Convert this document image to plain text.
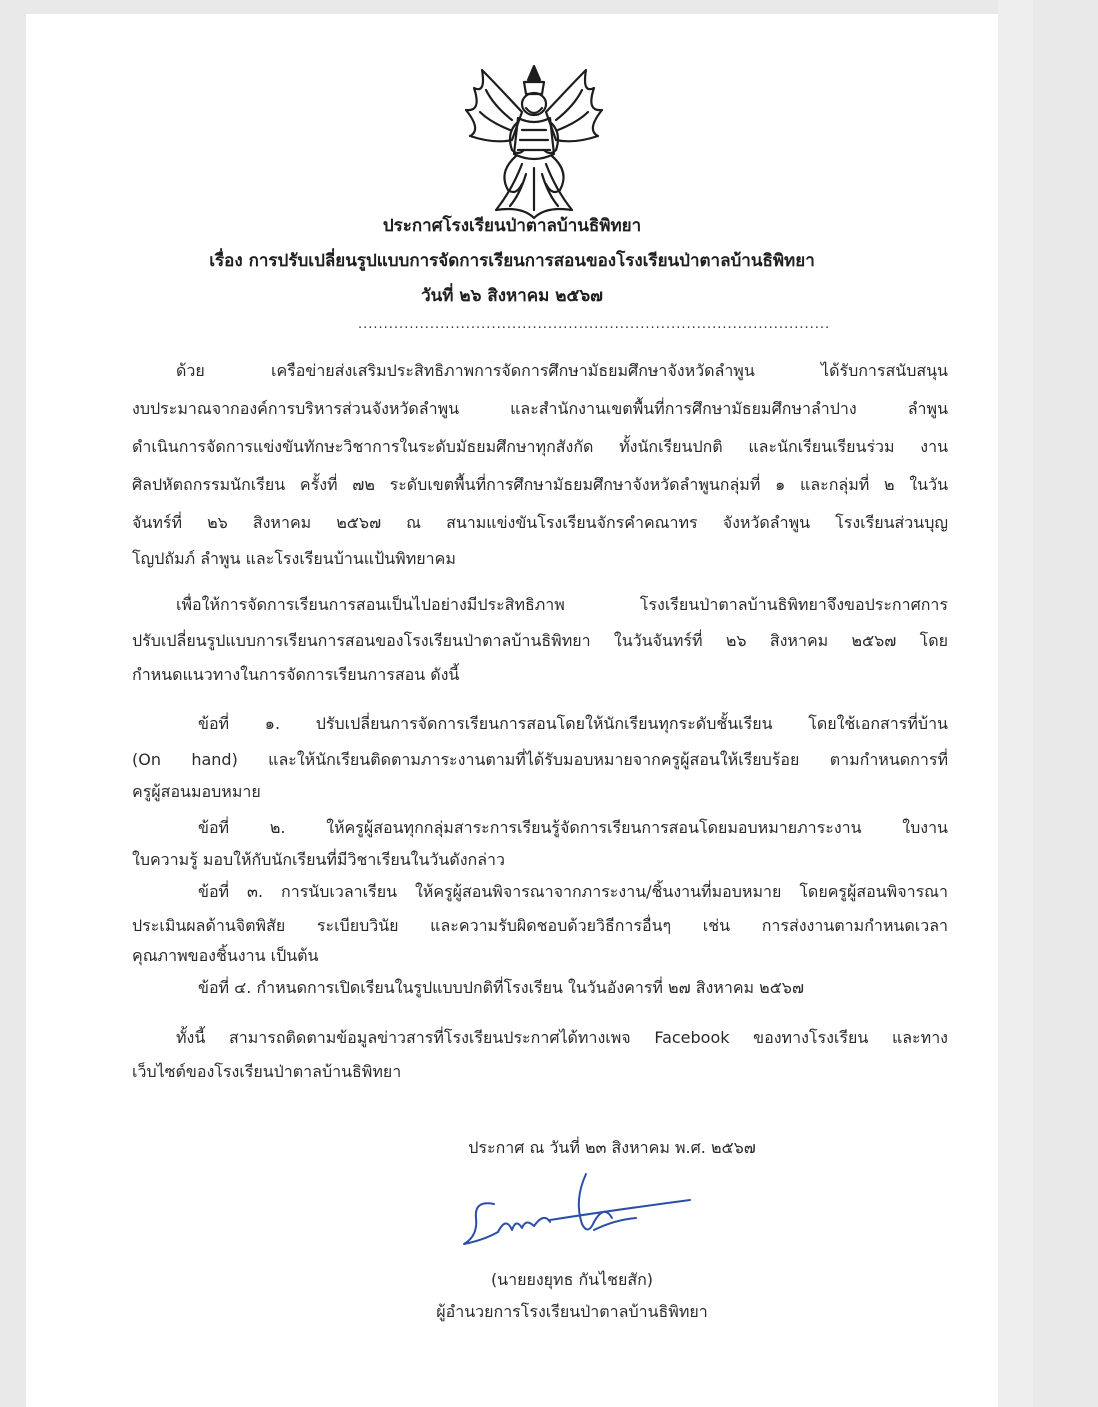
ประกาศโรงเรียนป่าตาลบ้านธิพิทยา
เรื่อง การปรับเปลี่ยนรูปแบบการจัดการเรียนการสอนของโรงเรียนป่าตาลบ้านธิพิทยา
วันที่ ๒๖ สิงหาคม ๒๕๖๗
............................................................................................
ด้วย เครือข่ายส่งเสริมประสิทธิภาพการจัดการศึกษามัธยมศึกษาจังหวัดลำพูน ได้รับการสนับสนุน
งบประมาณจากองค์การบริหารส่วนจังหวัดลำพูน และสำนักงานเขตพื้นที่การศึกษามัธยมศึกษาลำปาง ลำพูน
ดำเนินการจัดการแข่งขันทักษะวิชาการในระดับมัธยมศึกษาทุกสังกัด ทั้งนักเรียนปกติ และนักเรียนเรียนร่วม งาน
ศิลปหัตถกรรมนักเรียน ครั้งที่ ๗๒ ระดับเขตพื้นที่การศึกษามัธยมศึกษาจังหวัดลำพูนกลุ่มที่ ๑ และกลุ่มที่ ๒ ในวัน
จันทร์ที่ ๒๖ สิงหาคม ๒๕๖๗ ณ สนามแข่งขันโรงเรียนจักรคำคณาทร จังหวัดลำพูน โรงเรียนส่วนบุญ
โญปถัมภ์ ลำพูน และโรงเรียนบ้านแป้นพิทยาคม
เพื่อให้การจัดการเรียนการสอนเป็นไปอย่างมีประสิทธิภาพ โรงเรียนป่าตาลบ้านธิพิทยาจึงขอประกาศการ
ปรับเปลี่ยนรูปแบบการเรียนการสอนของโรงเรียนป่าตาลบ้านธิพิทยา ในวันจันทร์ที่ ๒๖ สิงหาคม ๒๕๖๗ โดย
กำหนดแนวทางในการจัดการเรียนการสอน ดังนี้
ข้อที่ ๑. ปรับเปลี่ยนการจัดการเรียนการสอนโดยให้นักเรียนทุกระดับชั้นเรียน โดยใช้เอกสารที่บ้าน
(On hand) และให้นักเรียนติดตามภาระงานตามที่ได้รับมอบหมายจากครูผู้สอนให้เรียบร้อย ตามกำหนดการที่
ครูผู้สอนมอบหมาย
ข้อที่ ๒. ให้ครูผู้สอนทุกกลุ่มสาระการเรียนรู้จัดการเรียนการสอนโดยมอบหมายภาระงาน ใบงาน
ใบความรู้ มอบให้กับนักเรียนที่มีวิชาเรียนในวันดังกล่าว
ข้อที่ ๓. การนับเวลาเรียน ให้ครูผู้สอนพิจารณาจากภาระงาน/ชิ้นงานที่มอบหมาย โดยครูผู้สอนพิจารณา
ประเมินผลด้านจิตพิสัย ระเบียบวินัย และความรับผิดชอบด้วยวิธีการอื่นๆ เช่น การส่งงานตามกำหนดเวลา
คุณภาพของชิ้นงาน เป็นต้น
ข้อที่ ๔. กำหนดการเปิดเรียนในรูปแบบปกติที่โรงเรียน ในวันอังคารที่ ๒๗ สิงหาคม ๒๕๖๗
ทั้งนี้ สามารถติดตามข้อมูลข่าวสารที่โรงเรียนประกาศได้ทางเพจ Facebook ของทางโรงเรียน และทาง
เว็บไซต์ของโรงเรียนป่าตาลบ้านธิพิทยา
ประกาศ ณ วันที่ ๒๓ สิงหาคม พ.ศ. ๒๕๖๗
(นายยงยุทธ กันไชยสัก)
ผู้อำนวยการโรงเรียนป่าตาลบ้านธิพิทยา
